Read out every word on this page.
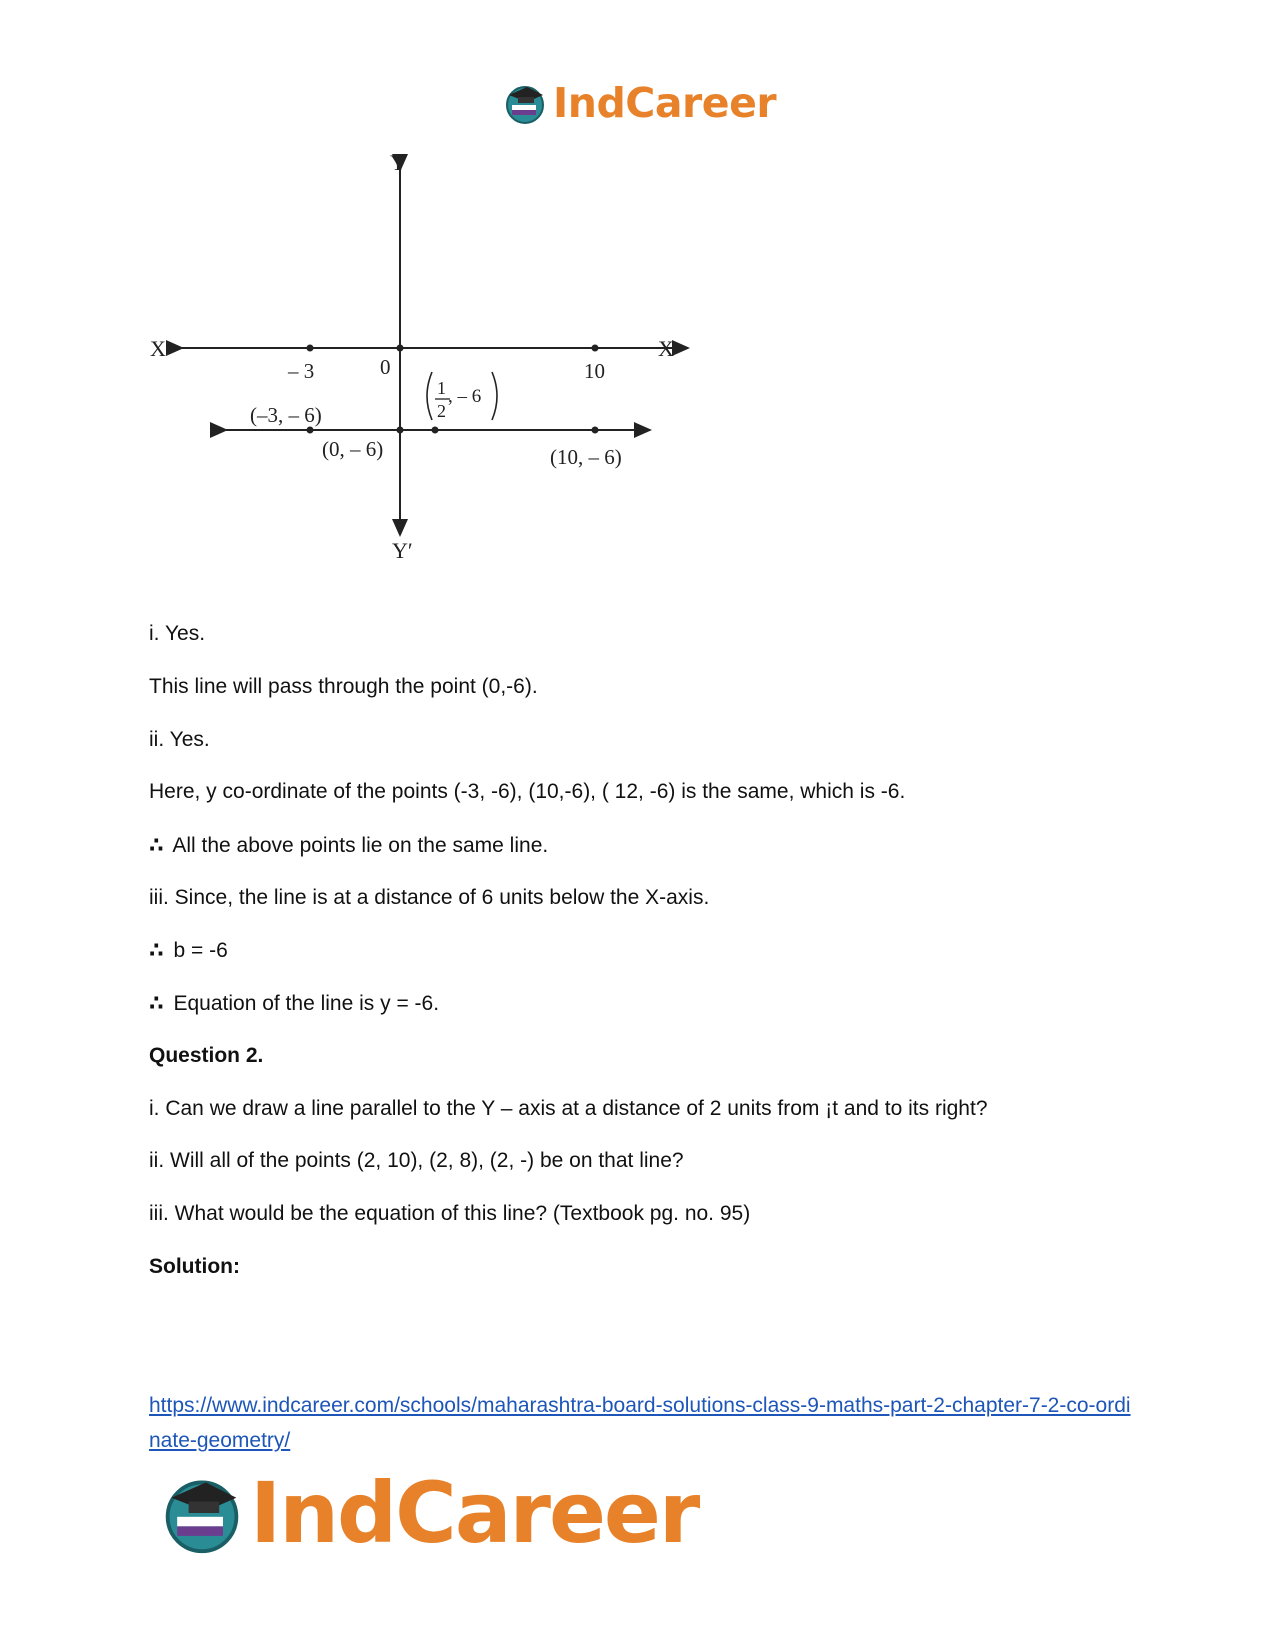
IndCareer
Y
Y′
X′	X
0
– 3	10
(–3, – 6)
(0, – 6)	(10, – 6)
1
2
, – 6
i. Yes.
This line will pass through the point (0,-6).
ii. Yes.
Here, y co-ordinate of the points (-3, -6), (10,-6), ( 12, -6) is the same, which is -6.
∴ All the above points lie on the same line.
iii. Since, the line is at a distance of 6 units below the X-axis.
∴ b = -6
∴ Equation of the line is y = -6.
Question 2.
i. Can we draw a line parallel to the Y – axis at a distance of 2 units from ¡t and to its right?
ii. Will all of the points (2, 10), (2, 8), (2, -) be on that line?
iii. What would be the equation of this line? (Textbook pg. no. 95)
Solution:
https://www.indcareer.com/schools/maharashtra-board-solutions-class-9-maths-part-2-chapter-7-2-co-ordinate-geometry/
IndCareer
